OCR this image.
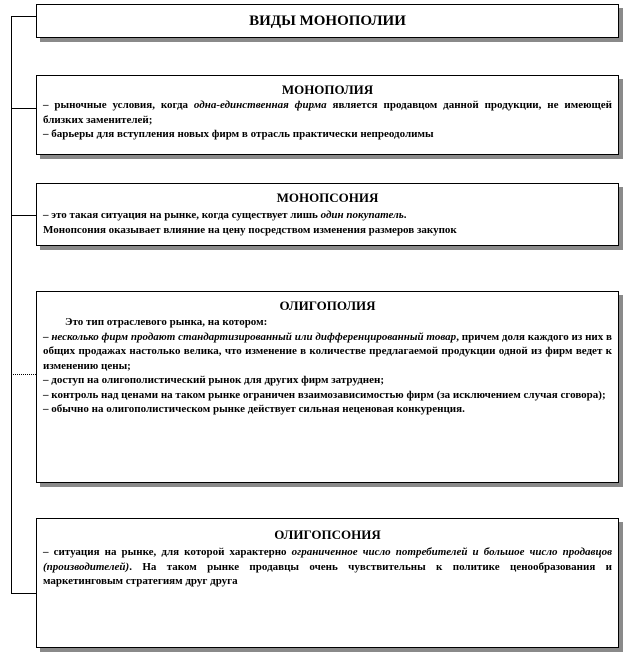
ВИДЫ МОНОПОЛИИ
МОНОПОЛИЯ

– рыночные условия, когда одна-единственная фирма является продавцом данной продукции, не имеющей близких заменителей;

– барьеры для вступления новых фирм в отрасль практически непреодолимы

МОНОПСОНИЯ

– это такая ситуация на рынке, когда существует лишь один покупатель.

Монопсония оказывает влияние на цену посредством изменения размеров закупок

ОЛИГОПОЛИЯ
Это тип отраслевого рынка, на котором:

– несколько фирм продают стандартизированный или дифференцированный товар, причем доля каждого из них в общих продажах настолько велика, что изменение в количестве предлагаемой продукции одной из фирм ведет к изменению цены;

– доступ на олигополистический рынок для других фирм затруднен;

– контроль над ценами на таком рынке ограничен взаимозависимостью фирм (за исключением случая сговора);

– обычно на олигополистическом рынке действует сильная неценовая конкуренция.

ОЛИГОПСОНИЯ

– ситуация на рынке, для которой характерно ограниченное число потребителей и большое число продавцов (производителей). На таком рынке продавцы очень чувствительны к политике ценообразования и маркетинговым стратегиям друг друга
